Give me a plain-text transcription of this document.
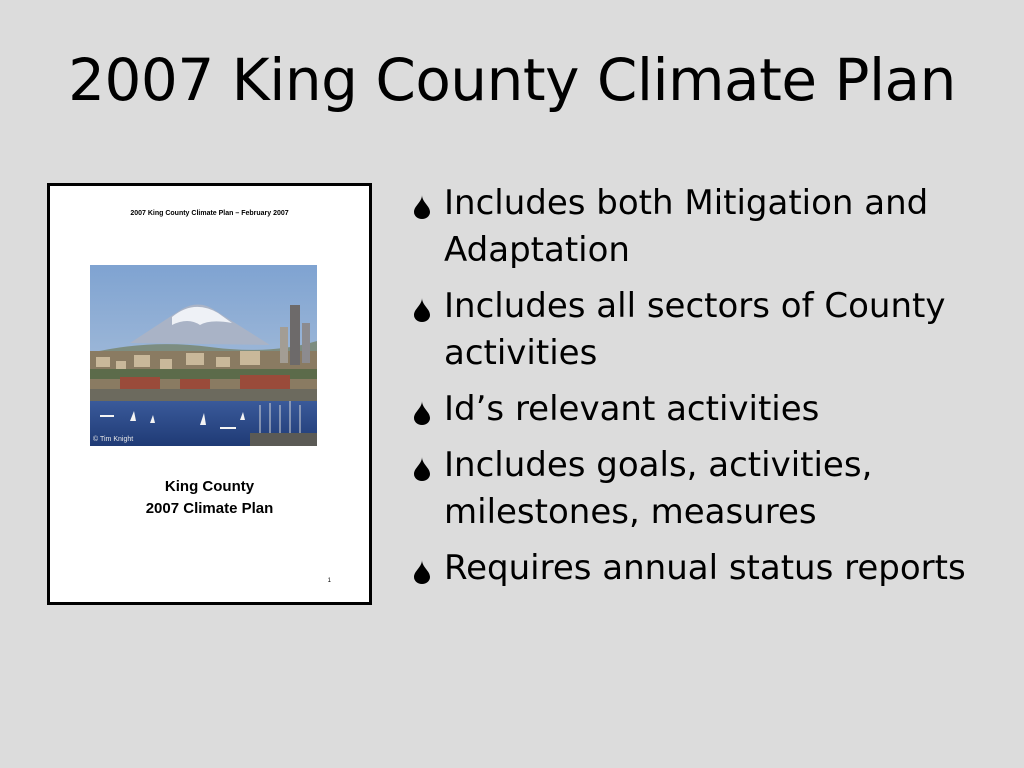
2007 King County Climate Plan
2007 King County Climate Plan – February 2007
© Tim Knight
King County
2007 Climate Plan
1
Includes both Mitigation and Adaptation
Includes all sectors of County activities
Id’s relevant activities
Includes goals, activities, milestones, measures
Requires annual status reports
